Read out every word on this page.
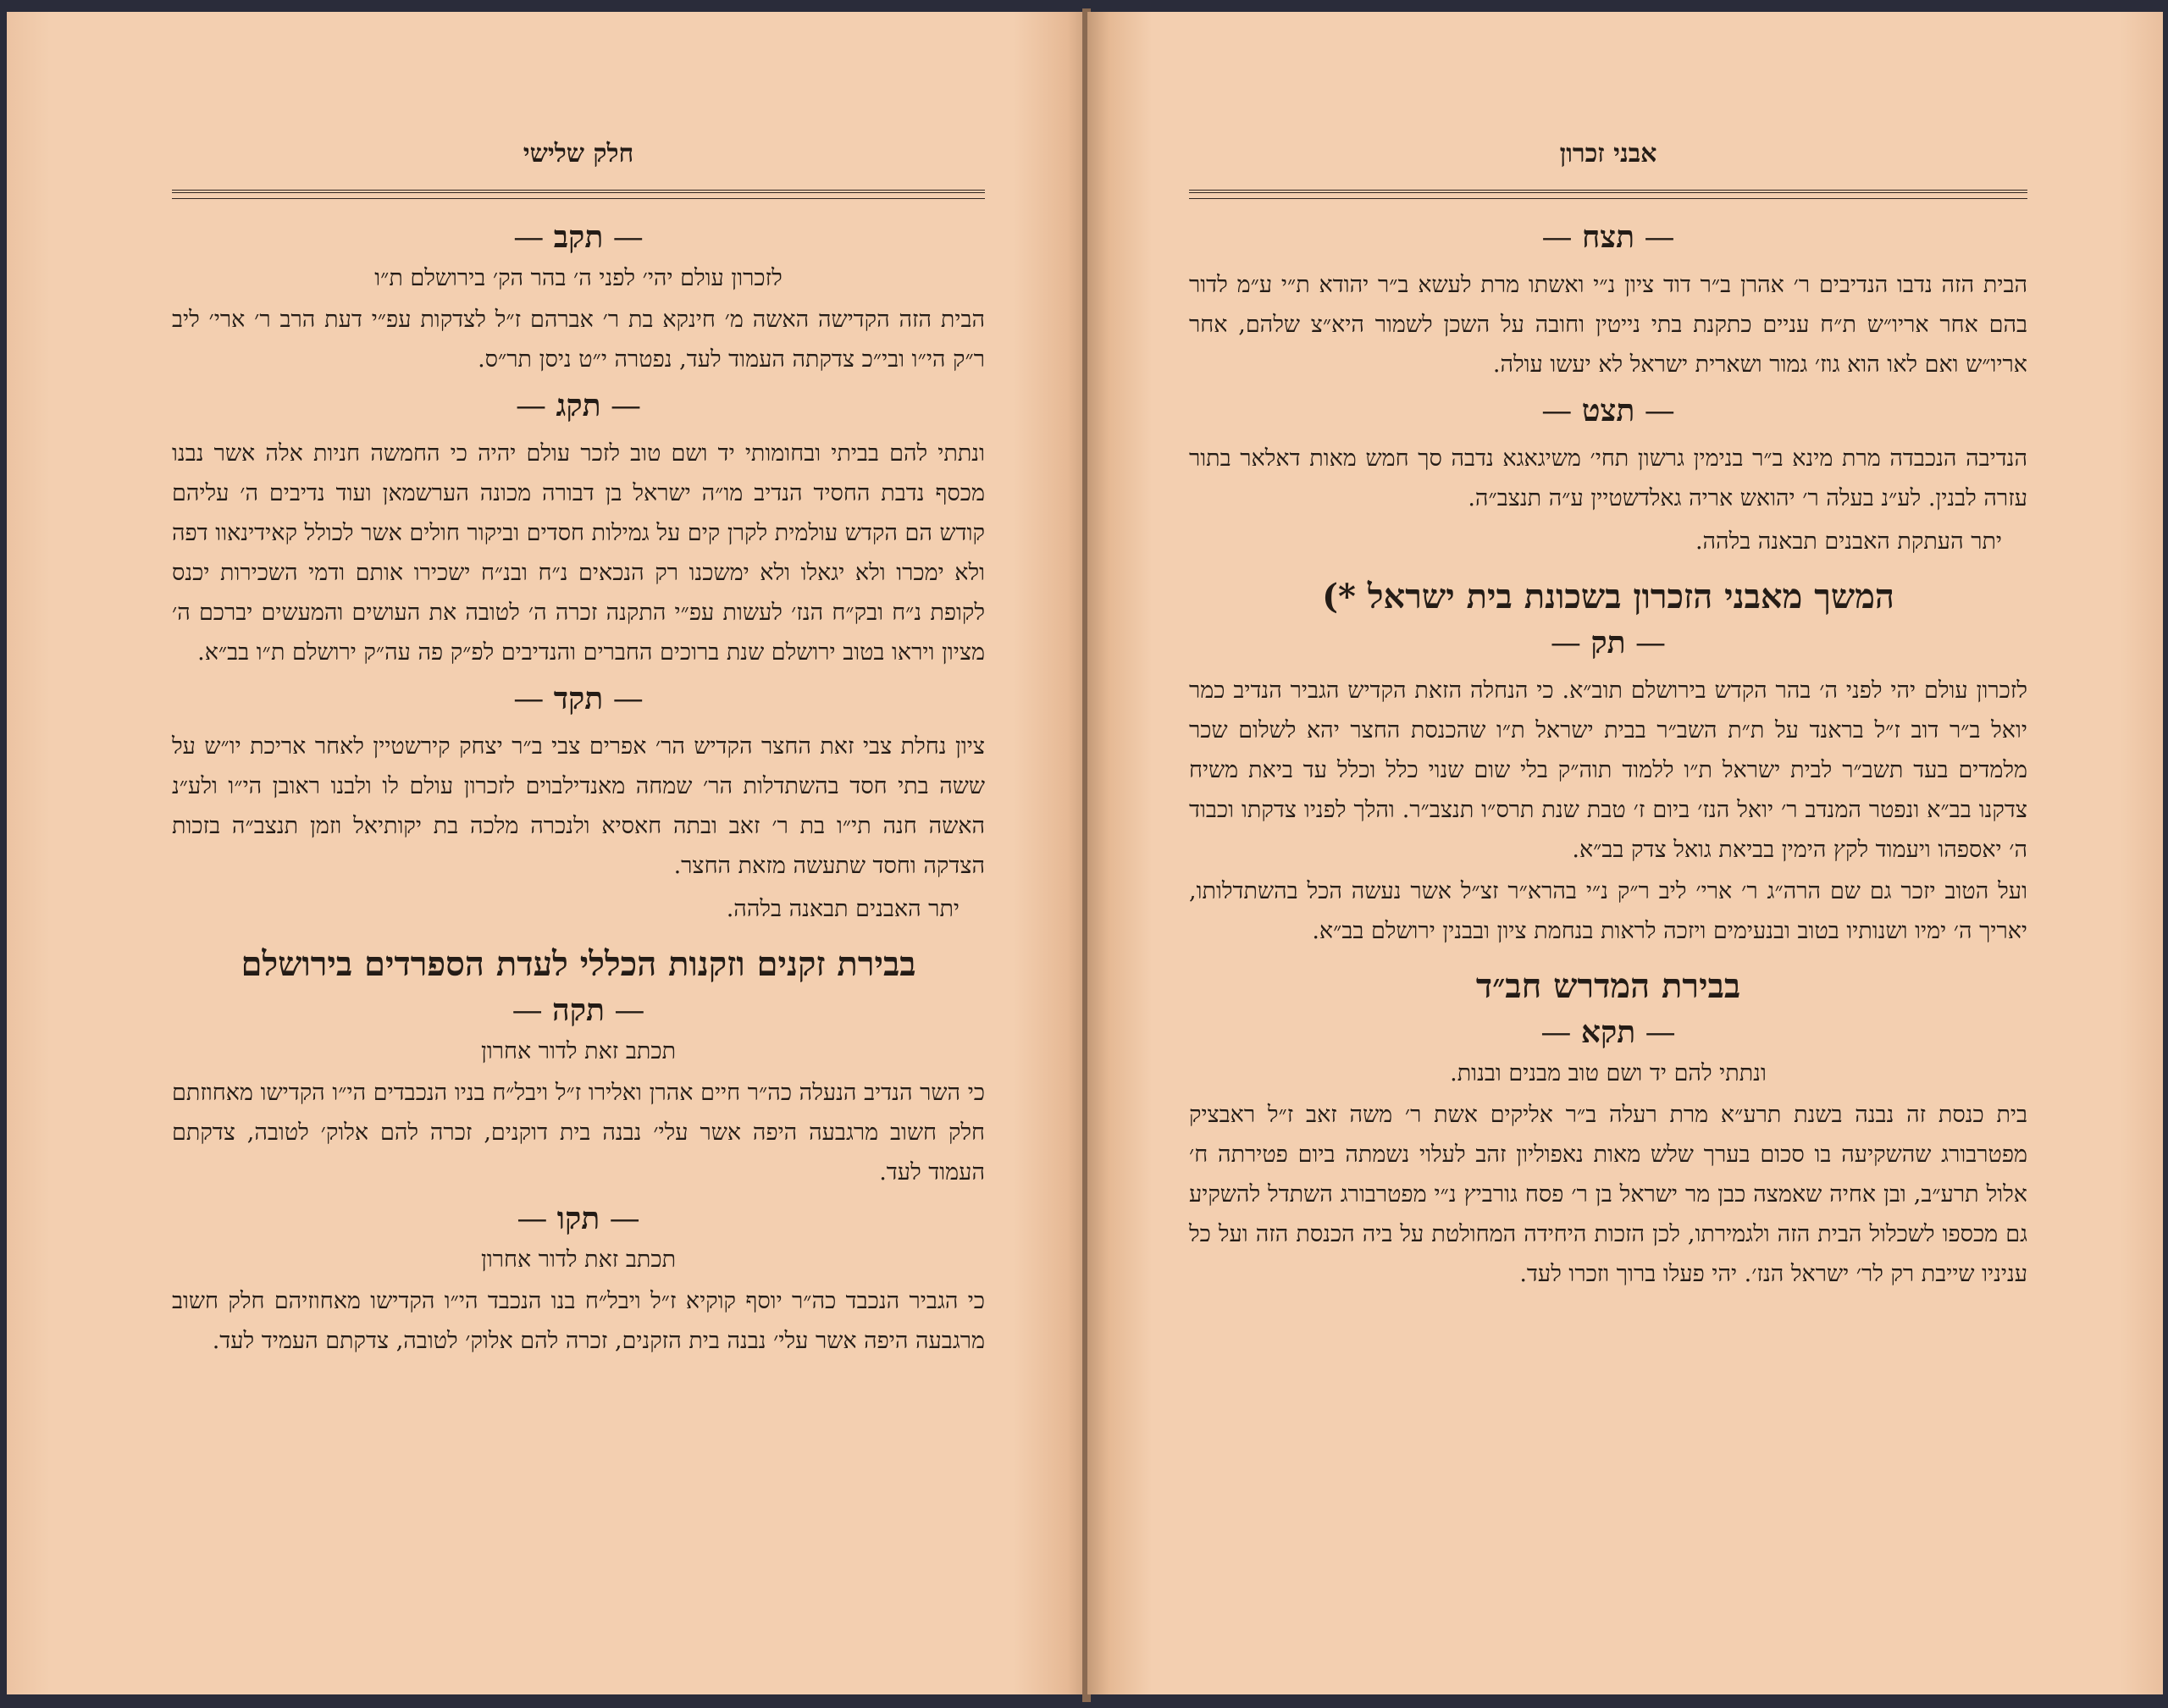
חלק שלישי
— תקב —
לזכרון עולם יהי׳ לפני ה׳ בהר הק׳ בירושלם ת״ו

הבית הזה הקדישה האשה מ׳ חינקא בת ר׳ אברהם ז״ל לצדקות עפ״י דעת הרב ר׳ ארי׳ ליב ר״ק הי״ו ובי״כ צדקתה העמוד לעד, נפטרה י״ט ניסן תר״ס.

— תקג —

ונתתי להם בביתי ובחומותי יד ושם טוב לזכר עולם יהיה כי החמשה חניות אלה אשר נבנו מכסף נדבת החסיד הנדיב מו״ה ישראל בן דבורה מכונה הערשמאן ועוד נדיבים ה׳ עליהם קודש הם הקדש עולמית לקרן קים על גמילות חסדים וביקור חולים אשר לכולל קאידינאוו דפה ולא ימכרו ולא יגאלו ולא ימשכנו רק הנכאים נ״ח ובנ״ח ישכירו אותם ודמי השכירות יכנס לקופת נ״ח ובק״ח הנז׳ לעשות עפ״י התקנה זכרה ה׳ לטובה את העושים והמעשים יברכם ה׳ מציון ויראו בטוב ירושלם שנת ברוכים החברים והנדיבים לפ״ק פה עה״ק ירושלם ת״ו בב״א.

— תקד —

ציון נחלת צבי זאת החצר הקדיש הר׳ אפרים צבי ב״ר יצחק קירשטיין לאחר אריכת יו״ש על ששה בתי חסד בהשתדלות הר׳ שמחה מאנדילבוים לזכרון עולם לו ולבנו ראובן הי״ו ולע״נ האשה חנה תי״ו בת ר׳ זאב ובתה חאסיא ולנכרה מלכה בת יקותיאל וזמן תנצב״ה בזכות הצדקה וחסד שתעשה מזאת החצר.

יתר האבנים תבאנה בלהה.
בבירת זקנים וזקנות הכללי לעדת הספרדים בירושלם
— תקה —
תכתב זאת לדור אחרון

כי השר הנדיב הנעלה כה״ר חיים אהרן ואלירו ז״ל ויבל״ח בניו הנכבדים הי״ו הקדישו מאחוזתם חלק חשוב מרגבעה היפה אשר עלי׳ נבנה בית דוקנים, זכרה להם אלוק׳ לטובה, צדקתם העמוד לעד.

— תקו —
תכתב זאת לדור אחרון

כי הגביר הנכבד כה״ר יוסף קוקיא ז״ל ויבל״ח בנו הנכבד הי״ו הקדישו מאחוזיהם חלק חשוב מרגבעה היפה אשר עלי׳ נבנה בית הזקנים, זכרה להם אלוק׳ לטובה, צדקתם העמיד לעד.

אבני זכרון
— תצח —

הבית הזה נדבו הנדיבים ר׳ אהרן ב״ר דוד ציון נ״י ואשתו מרת לעשא ב״ר יהודא ת״י ע״מ לדור בהם אחר אריו״ש ת״ח עניים כתקנת בתי נייטין וחובה על השכן לשמור היא״צ שלהם, אחר אריו״ש ואם לאו הוא גוז׳ גמור ושארית ישראל לא יעשו עולה.

— תצט —

הנדיבה הנכבדה מרת מינא ב״ר בנימין גרשון תחי׳ משיגאגא נדבה סך חמש מאות דאלאר בתור עזרה לבנין. לע״נ בעלה ר׳ יהואש אריה גאלדשטיין ע״ה תנצב״ה.

יתר העתקת האבנים תבאנה בלהה.
המשך מאבני הזכרון בשכונת בית ישראל *)
— תק —

לזכרון עולם יהי לפני ה׳ בהר הקדש בירושלם תוב״א. כי הנחלה הזאת הקדיש הגביר הנדיב כמר יואל ב״ר דוב ז״ל בראנד על ת״ת השב״ר בבית ישראל ת״ו שהכנסת החצר יהא לשלום שכר מלמדים בעד תשב״ר לבית ישראל ת״ו ללמוד תוה״ק בלי שום שנוי כלל וכלל עד ביאת משיח צדקנו בב״א ונפטר המנדב ר׳ יואל הנז׳ ביום ז׳ טבת שנת תרס״ו תנצב״ר. והלך לפניו צדקתו וכבוד ה׳ יאספהו ויעמוד לקץ הימין בביאת גואל צדק בב״א.

ועל הטוב יזכר גם שם הרה״ג ר׳ ארי׳ ליב ר״ק נ״י בהרא״ר זצ״ל אשר נעשה הכל בהשתדלותו, יאריך ה׳ ימיו ושנותיו בטוב ובנעימים ויזכה לראות בנחמת ציון ובבנין ירושלם בב״א.

בבירת המדרש חב״ד
— תקא —
ונתתי להם יד ושם טוב מבנים ובנות.

בית כנסת זה נבנה בשנת תרע״א מרת רעלה ב״ר אליקים אשת ר׳ משה זאב ז״ל ראבציק מפטרבורג שהשקיעה בו סכום בערך שלש מאות נאפוליון זהב לעלוי נשמתה ביום פטירתה ח׳ אלול תרע״ב, ובן אחיה שאמצה כבן מר ישראל בן ר׳ פסח גורביץ נ״י מפטרבורג השתדל להשקיע גם מכספו לשכלול הבית הזה ולגמירתו, לכן הזכות היחידה המחולטת על ביה הכנסת הזה ועל כל עניניו שייבת רק לר׳ ישראל הנז׳. יהי פעלו ברוך וזכרו לעד.
